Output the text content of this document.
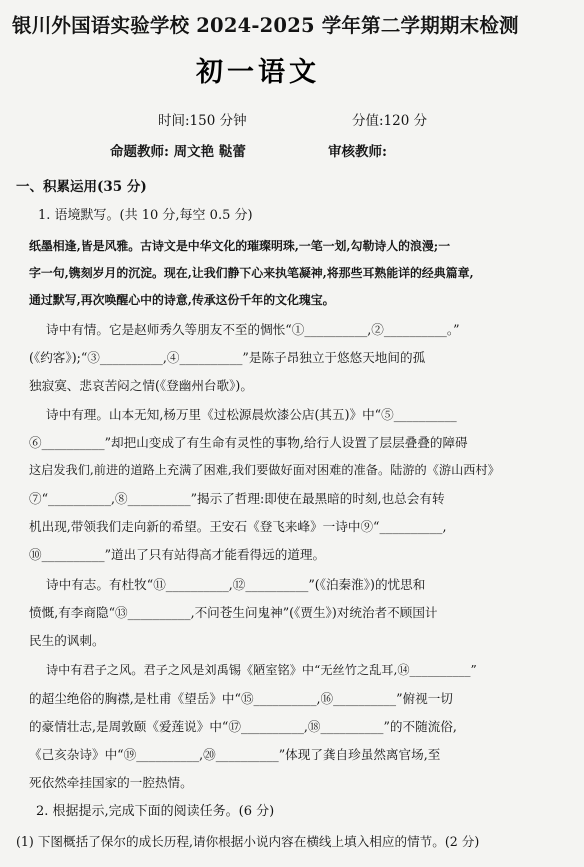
银川外国语实验学校 2024-2025 学年第二学期期末检测
初一语文
时间:150 分钟	分值:120 分
命题教师: 周文艳 鞑蕾	审核教师:
一、积累运用(35 分)
1. 语境默写。(共 10 分,每空 0.5 分)
纸墨相逢,皆是风雅。古诗文是中华文化的璀璨明珠,一笔一划,勾勒诗人的浪漫;一
字一句,镌刻岁月的沉淀。现在,让我们静下心来执笔凝神,将那些耳熟能详的经典篇章,
通过默写,再次唤醒心中的诗意,传承这份千年的文化瑰宝。
诗中有情。它是赵师秀久等朋友不至的惆怅“①__________,②__________。”
(《约客》);“③__________,④__________”是陈子昂独立于悠悠天地间的孤
独寂寞、悲哀苦闷之情(《登幽州台歌》)。
诗中有理。山本无知,杨万里《过松源晨炊漆公店(其五)》中“⑤__________
⑥__________”却把山变成了有生命有灵性的事物,给行人设置了层层叠叠的障碍
这启发我们,前进的道路上充满了困难,我们要做好面对困难的准备。陆游的《游山西村》
⑦“__________,⑧__________”揭示了哲理:即使在最黑暗的时刻,也总会有转
机出现,带领我们走向新的希望。王安石《登飞来峰》一诗中⑨“__________,
⑩__________”道出了只有站得高才能看得远的道理。
诗中有志。有杜牧“⑪__________,⑫__________”(《泊秦淮》)的忧思和
愤慨,有李商隐“⑬__________,不问苍生问鬼神”(《贾生》)对统治者不顾国计
民生的讽刺。
诗中有君子之风。君子之风是刘禹锡《陋室铭》中“无丝竹之乱耳,⑭__________”
的超尘绝俗的胸襟,是杜甫《望岳》中“⑮__________,⑯__________”俯视一切
的豪情壮志,是周敦颐《爱莲说》中“⑰__________,⑱__________”的不随流俗,
《己亥杂诗》中“⑲__________,⑳__________”体现了龚自珍虽然离官场,至
死依然牵挂国家的一腔热情。
2. 根据提示,完成下面的阅读任务。(6 分)
(1) 下图概括了保尔的成长历程,请你根据小说内容在横线上填入相应的情节。(2 分)
